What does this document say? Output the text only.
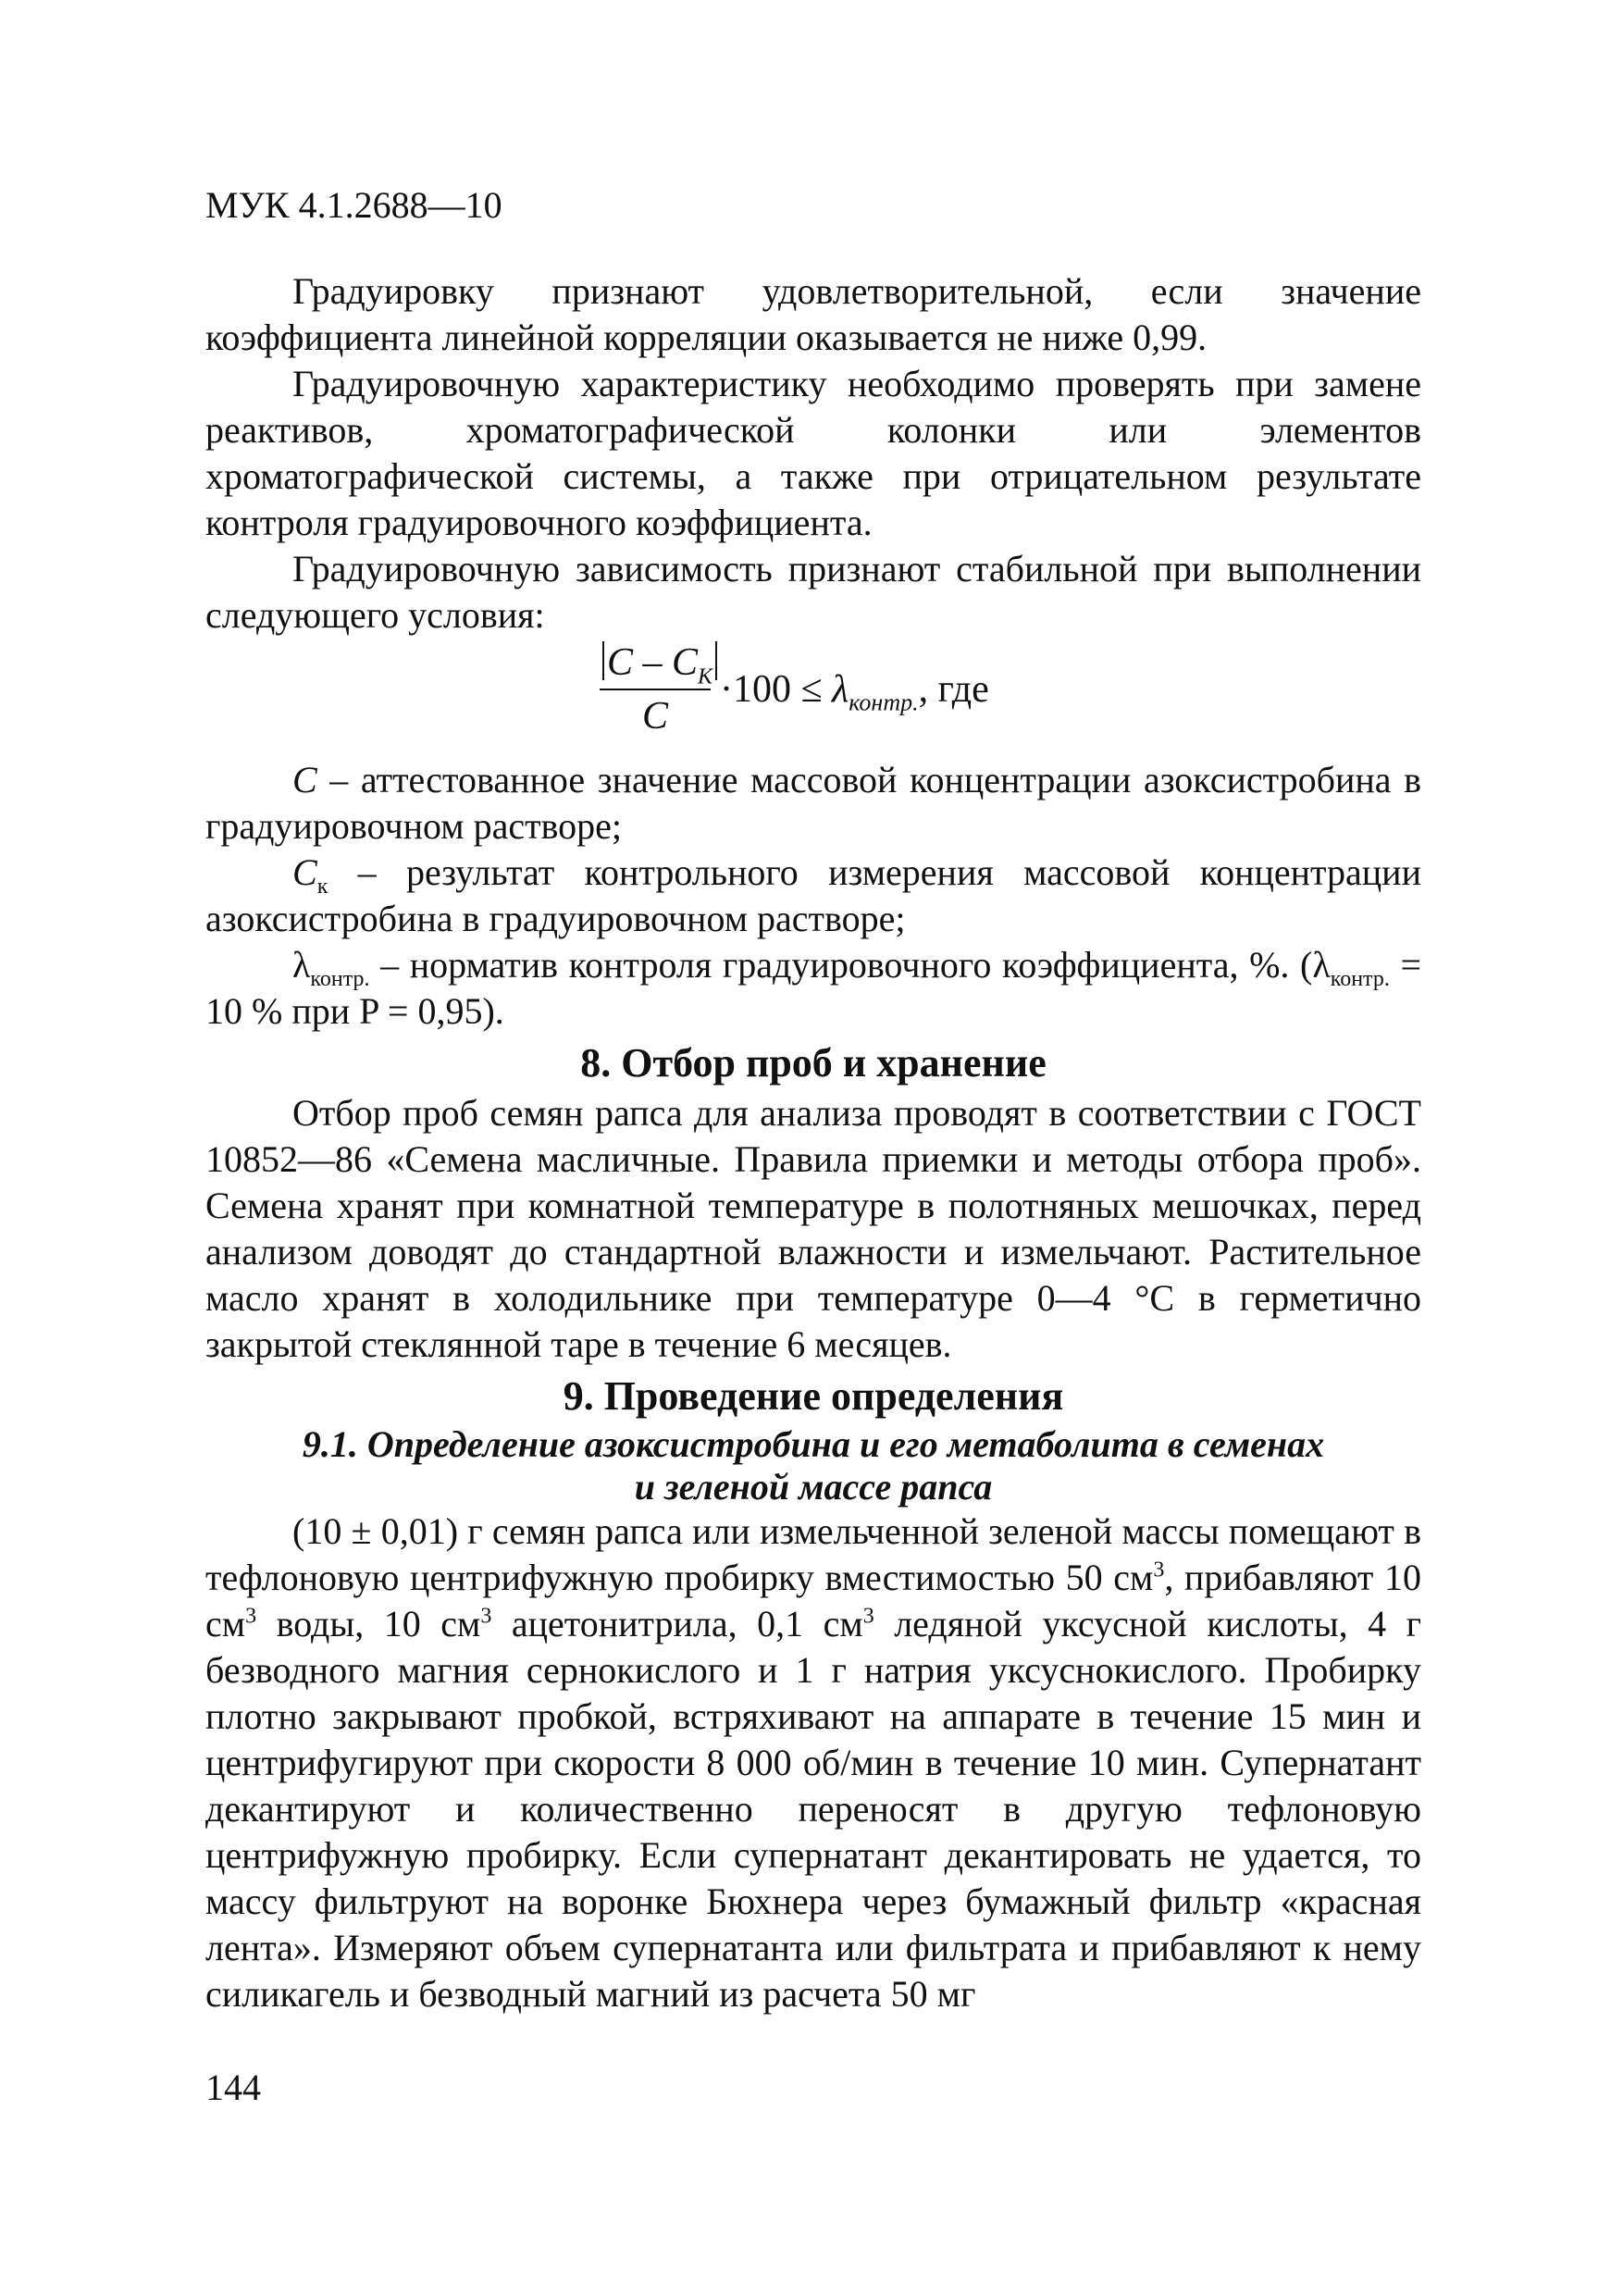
МУК 4.1.2688—10

Градуировку признают удовлетворительной, если значение коэффициента линейной корреляции оказывается не ниже 0,99.

Градуировочную характеристику необходимо проверять при замене реактивов, хроматографической колонки или элементов хроматографической системы, а также при отрицательном результате контроля градуировочного коэффициента.

Градуировочную зависимость признают стабильной при выполнении следующего условия:

C – $C_K$
C
$\cdot 100 \le \lambda_{контр.}$, где

C – аттестованное значение массовой концентрации азоксистробина в градуировочном растворе;

$C_к$ – результат контрольного измерения массовой концентрации азоксистробина в градуировочном растворе;

$\lambda_{контр.}$ – норматив контроля градуировочного коэффициента, %. ($\lambda_{контр.} = 10$ % при P = 0,95).

8. Отбор проб и хранение

Отбор проб семян рапса для анализа проводят в соответствии с ГОСТ 10852—86 «Семена масличные. Правила приемки и методы отбора проб». Семена хранят при комнатной температуре в полотняных мешочках, перед анализом доводят до стандартной влажности и измельчают. Растительное масло хранят в холодильнике при температуре 0—4 °С в герметично закрытой стеклянной таре в течение 6 месяцев.

9. Проведение определения
9.1. Определение азоксистробина и его метаболита в семенах
и зеленой массе рапса

(10 ± 0,01) г семян рапса или измельченной зеленой массы помещают в тефлоновую центрифужную пробирку вместимостью 50 $см^3$, прибавляют 10 $см^3$ воды, 10 $см^3$ ацетонитрила, 0,1 $см^3$ ледяной уксусной кислоты, 4 г безводного магния сернокислого и 1 г натрия уксуснокислого. Пробирку плотно закрывают пробкой, встряхивают на аппарате в течение 15 мин и центрифугируют при скорости 8 000 об/мин в течение 10 мин. Супернатант декантируют и количественно переносят в другую тефлоновую центрифужную пробирку. Если супернатант декантировать не удается, то массу фильтруют на воронке Бюхнера через бумажный фильтр «красная лента». Измеряют объем супернатанта или фильтрата и прибавляют к нему силикагель и безводный магний из расчета 50 мг

144
